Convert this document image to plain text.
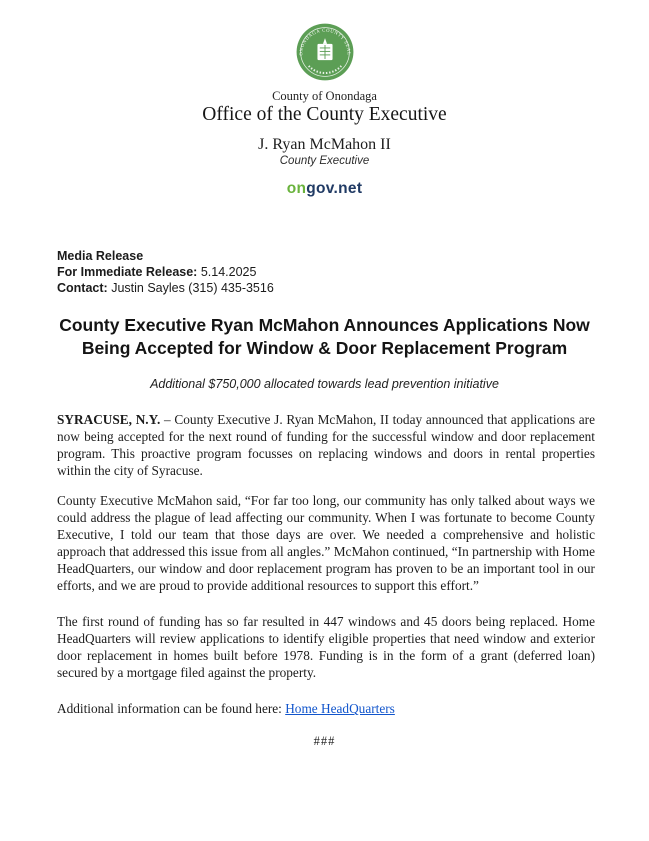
ONONDAGA COUNTY SEAL
County of Onondaga
Office of the County Executive
J. Ryan McMahon II
County Executive
ongov.net
Media Release
For Immediate Release: 5.14.2025
Contact: Justin Sayles (315) 435-3516
County Executive Ryan McMahon Announces Applications Now Being Accepted for Window & Door Replacement Program
Additional $750,000 allocated towards lead prevention initiative

SYRACUSE, N.Y. – County Executive J. Ryan McMahon, II today announced that applications are now being accepted for the next round of funding for the successful window and door replacement program. This proactive program focusses on replacing windows and doors in rental properties within the city of Syracuse.

County Executive McMahon said, “For far too long, our community has only talked about ways we could address the plague of lead affecting our community. When I was fortunate to become County Executive, I told our team that those days are over. We needed a comprehensive and holistic approach that addressed this issue from all angles.” McMahon continued, “In partnership with Home HeadQuarters, our window and door replacement program has proven to be an important tool in our efforts, and we are proud to provide additional resources to support this effort.”

The first round of funding has so far resulted in 447 windows and 45 doors being replaced. Home HeadQuarters will review applications to identify eligible properties that need window and exterior door replacement in homes built before 1978. Funding is in the form of a grant (deferred loan) secured by a mortgage filed against the property.

Additional information can be found here: Home HeadQuarters

###
